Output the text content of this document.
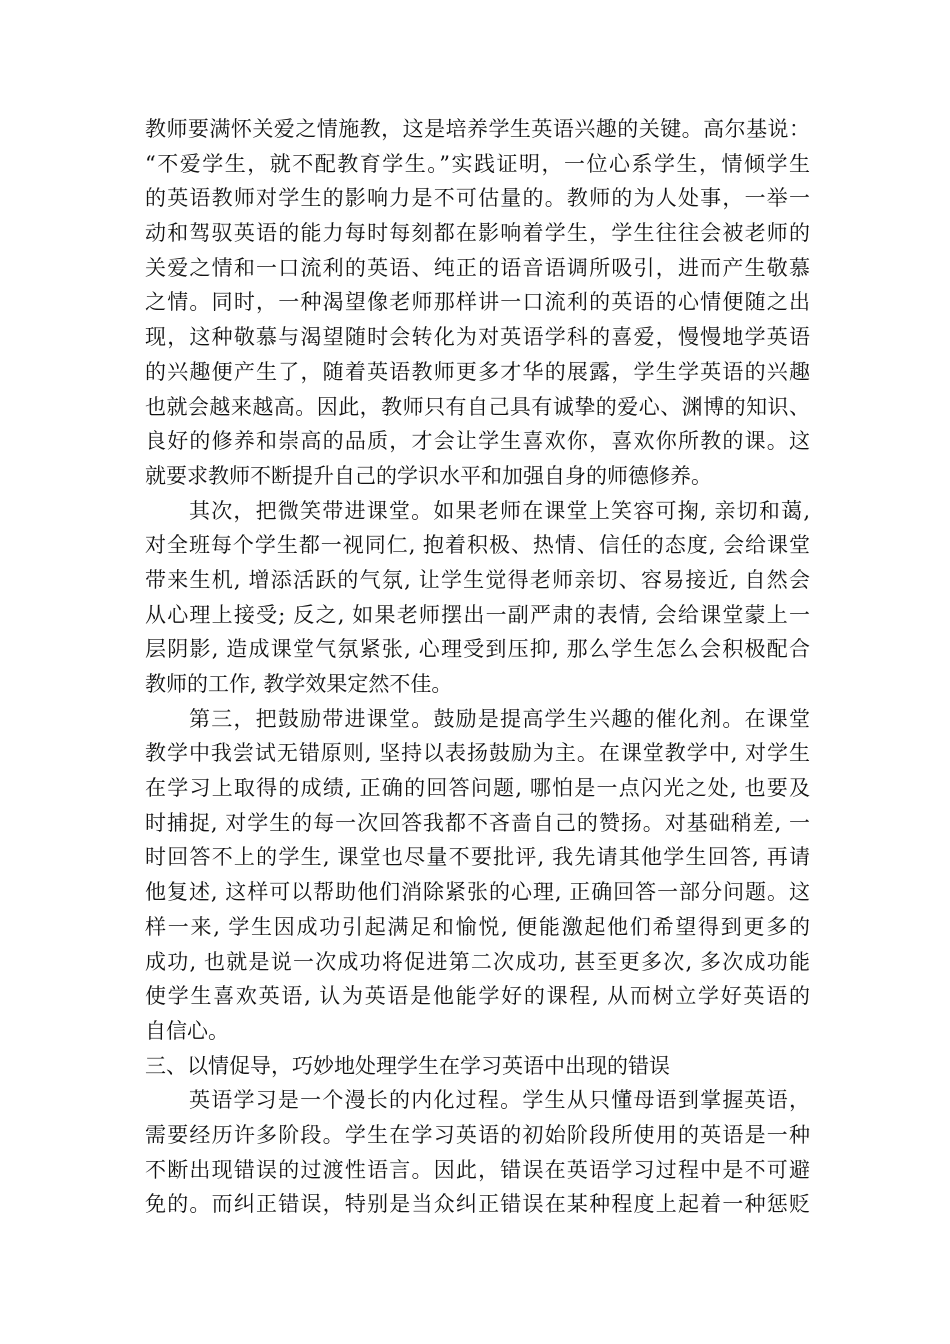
教师要满怀关爱之情施教，这是培养学生英语兴趣的关键。高尔基说：
“不爱学生，就不配教育学生。”实践证明，一位心系学生，情倾学生
的英语教师对学生的影响力是不可估量的。教师的为人处事，一举一
动和驾驭英语的能力每时每刻都在影响着学生，学生往往会被老师的
关爱之情和一口流利的英语、纯正的语音语调所吸引，进而产生敬慕
之情。同时，一种渴望像老师那样讲一口流利的英语的心情便随之出
现，这种敬慕与渴望随时会转化为对英语学科的喜爱，慢慢地学英语
的兴趣便产生了，随着英语教师更多才华的展露，学生学英语的兴趣
也就会越来越高。因此，教师只有自己具有诚挚的爱心、渊博的知识、
良好的修养和崇高的品质，才会让学生喜欢你，喜欢你所教的课。这
就要求教师不断提升自己的学识水平和加强自身的师德修养。
其次，把微笑带进课堂。如果老师在课堂上笑容可掬, 亲切和蔼,
对全班每个学生都一视同仁, 抱着积极、热情、信任的态度, 会给课堂
带来生机, 增添活跃的气氛, 让学生觉得老师亲切、容易接近, 自然会
从心理上接受; 反之, 如果老师摆出一副严肃的表情, 会给课堂蒙上一
层阴影, 造成课堂气氛紧张, 心理受到压抑, 那么学生怎么会积极配合
教师的工作, 教学效果定然不佳。
第三，把鼓励带进课堂。鼓励是提高学生兴趣的催化剂。在课堂
教学中我尝试无错原则, 坚持以表扬鼓励为主。在课堂教学中, 对学生
在学习上取得的成绩, 正确的回答问题, 哪怕是一点闪光之处, 也要及
时捕捉, 对学生的每一次回答我都不吝啬自己的赞扬。对基础稍差, 一
时回答不上的学生, 课堂也尽量不要批评, 我先请其他学生回答, 再请
他复述, 这样可以帮助他们消除紧张的心理, 正确回答一部分问题。这
样一来, 学生因成功引起满足和愉悦, 便能激起他们希望得到更多的
成功, 也就是说一次成功将促进第二次成功, 甚至更多次, 多次成功能
使学生喜欢英语, 认为英语是他能学好的课程, 从而树立学好英语的
自信心。
三、以情促导，巧妙地处理学生在学习英语中出现的错误
英语学习是一个漫长的内化过程。学生从只懂母语到掌握英语，
需要经历许多阶段。学生在学习英语的初始阶段所使用的英语是一种
不断出现错误的过渡性语言。因此，错误在英语学习过程中是不可避
免的。而纠正错误，特别是当众纠正错误在某种程度上起着一种惩贬
